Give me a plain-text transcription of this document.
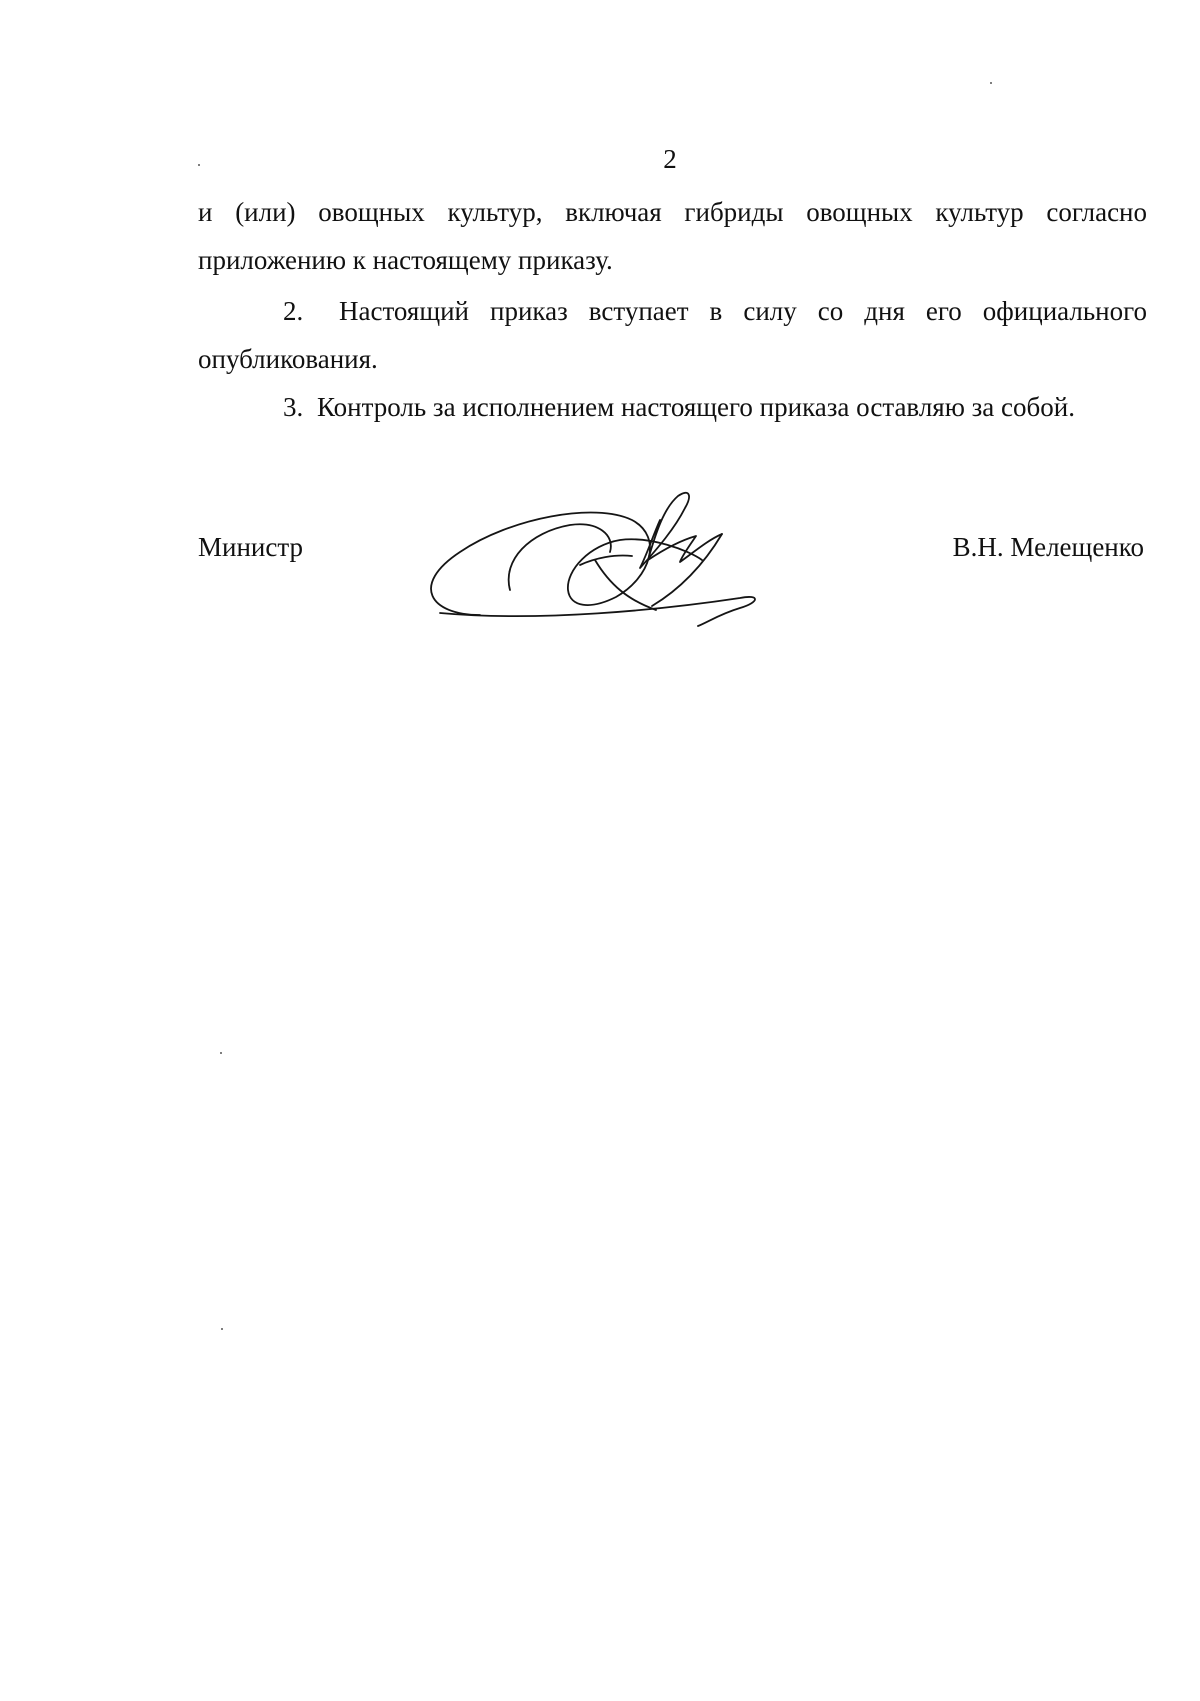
2

и (или) овощных культур, включая гибриды овощных культур согласно
приложению к настоящему приказу.
2. Настоящий приказ вступает в силу со дня его официального
опубликования.
3. Контроль за исполнением настоящего приказа оставляю за собой.
Министр	В.Н. Мелещенко
